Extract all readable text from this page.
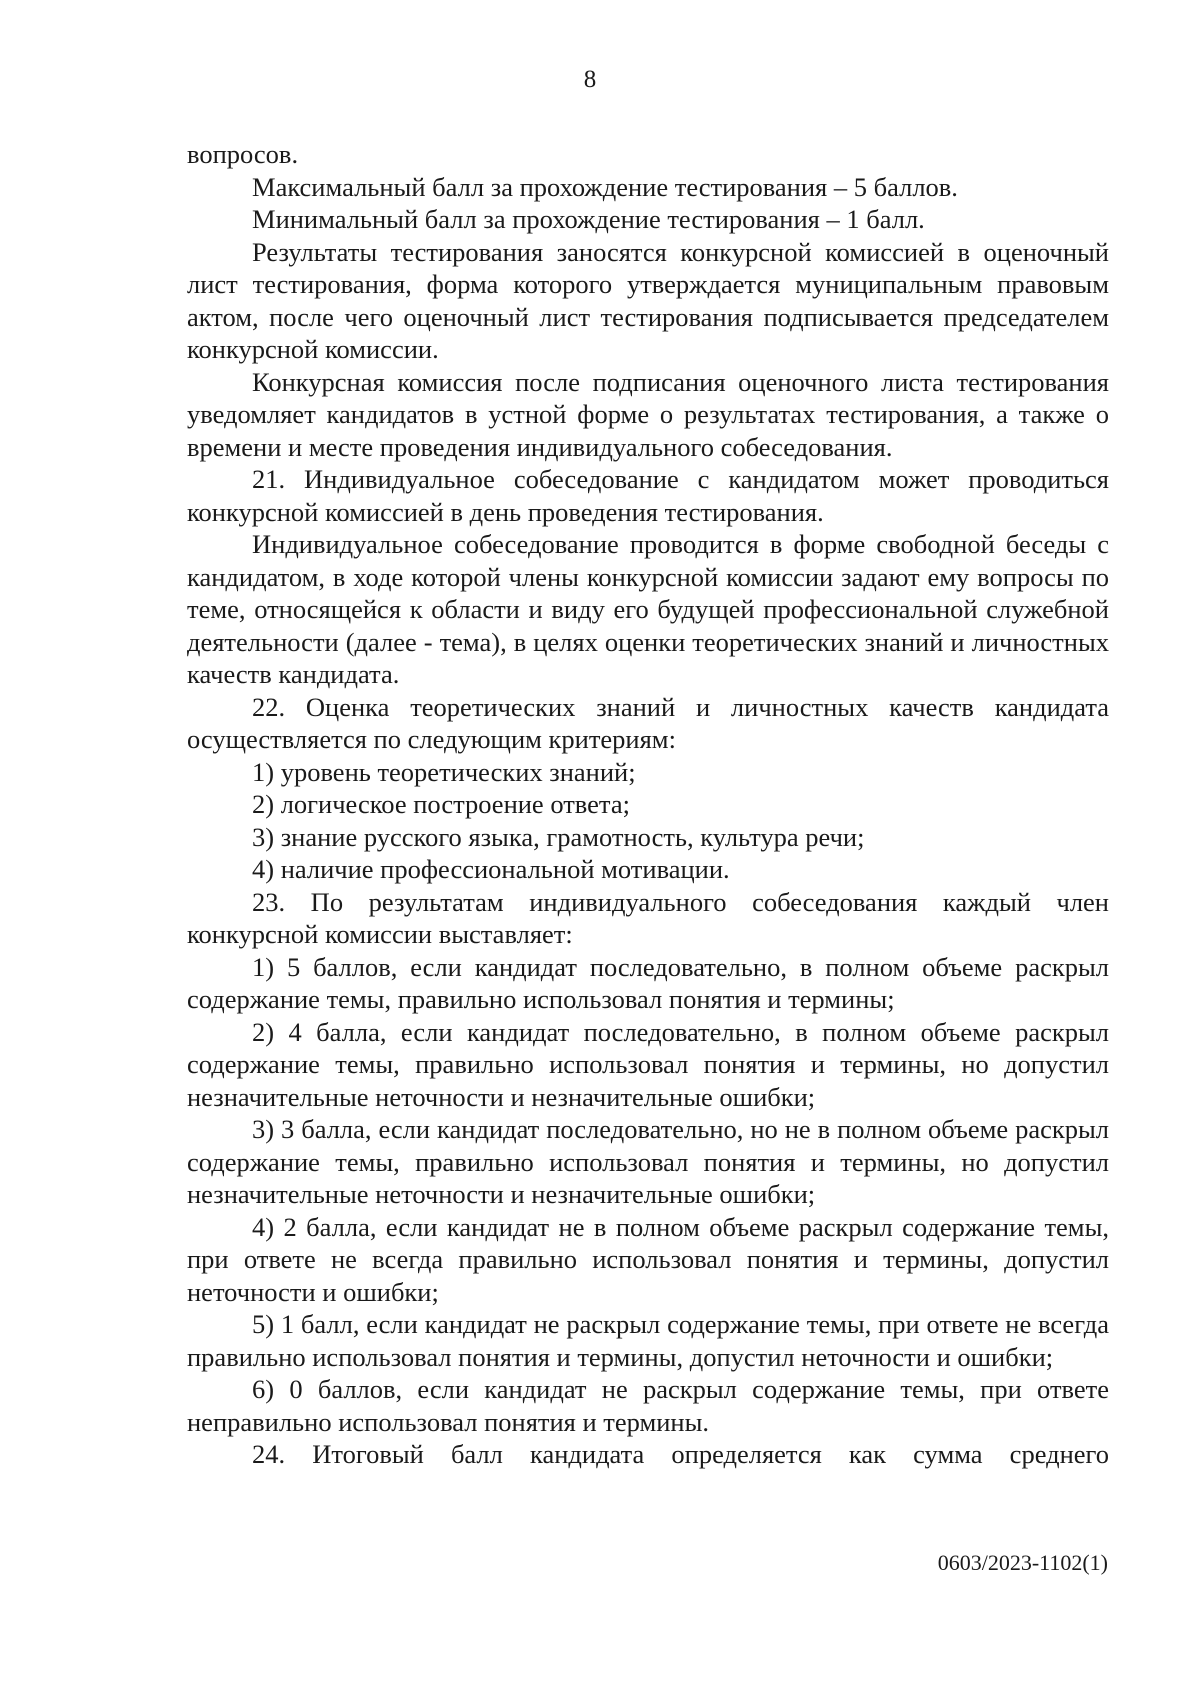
8

вопросов.

Максимальный балл за прохождение тестирования – 5 баллов.

Минимальный балл за прохождение тестирования – 1 балл.

Результаты тестирования заносятся конкурсной комиссией в оценочный лист тестирования, форма которого утверждается муниципальным правовым актом, после чего оценочный лист тестирования подписывается председателем конкурсной комиссии.

Конкурсная комиссия после подписания оценочного листа тестирования уведомляет кандидатов в устной форме о результатах тестирования, а также о времени и месте проведения индивидуального собеседования.

21. Индивидуальное собеседование с кандидатом может проводиться конкурсной комиссией в день проведения тестирования.

Индивидуальное собеседование проводится в форме свободной беседы с кандидатом, в ходе которой члены конкурсной комиссии задают ему вопросы по теме, относящейся к области и виду его будущей профессиональной служебной деятельности (далее - тема), в целях оценки теоретических знаний и личностных качеств кандидата.

22. Оценка теоретических знаний и личностных качеств кандидата осуществляется по следующим критериям:

1) уровень теоретических знаний;

2) логическое построение ответа;

3) знание русского языка, грамотность, культура речи;

4) наличие профессиональной мотивации.

23. По результатам индивидуального собеседования каждый член конкурсной комиссии выставляет:

1) 5 баллов, если кандидат последовательно, в полном объеме раскрыл содержание темы, правильно использовал понятия и термины;

2) 4 балла, если кандидат последовательно, в полном объеме раскрыл содержание темы, правильно использовал понятия и термины, но допустил незначительные неточности и незначительные ошибки;

3) 3 балла, если кандидат последовательно, но не в полном объеме раскрыл содержание темы, правильно использовал понятия и термины, но допустил незначительные неточности и незначительные ошибки;

4) 2 балла, если кандидат не в полном объеме раскрыл содержание темы, при ответе не всегда правильно использовал понятия и термины, допустил неточности и ошибки;

5) 1 балл, если кандидат не раскрыл содержание темы, при ответе не всегда правильно использовал понятия и термины, допустил неточности и ошибки;

6) 0 баллов, если кандидат не раскрыл содержание темы, при ответе неправильно использовал понятия и термины.

24. Итоговый балл кандидата определяется как сумма среднего

0603/2023-1102(1)
